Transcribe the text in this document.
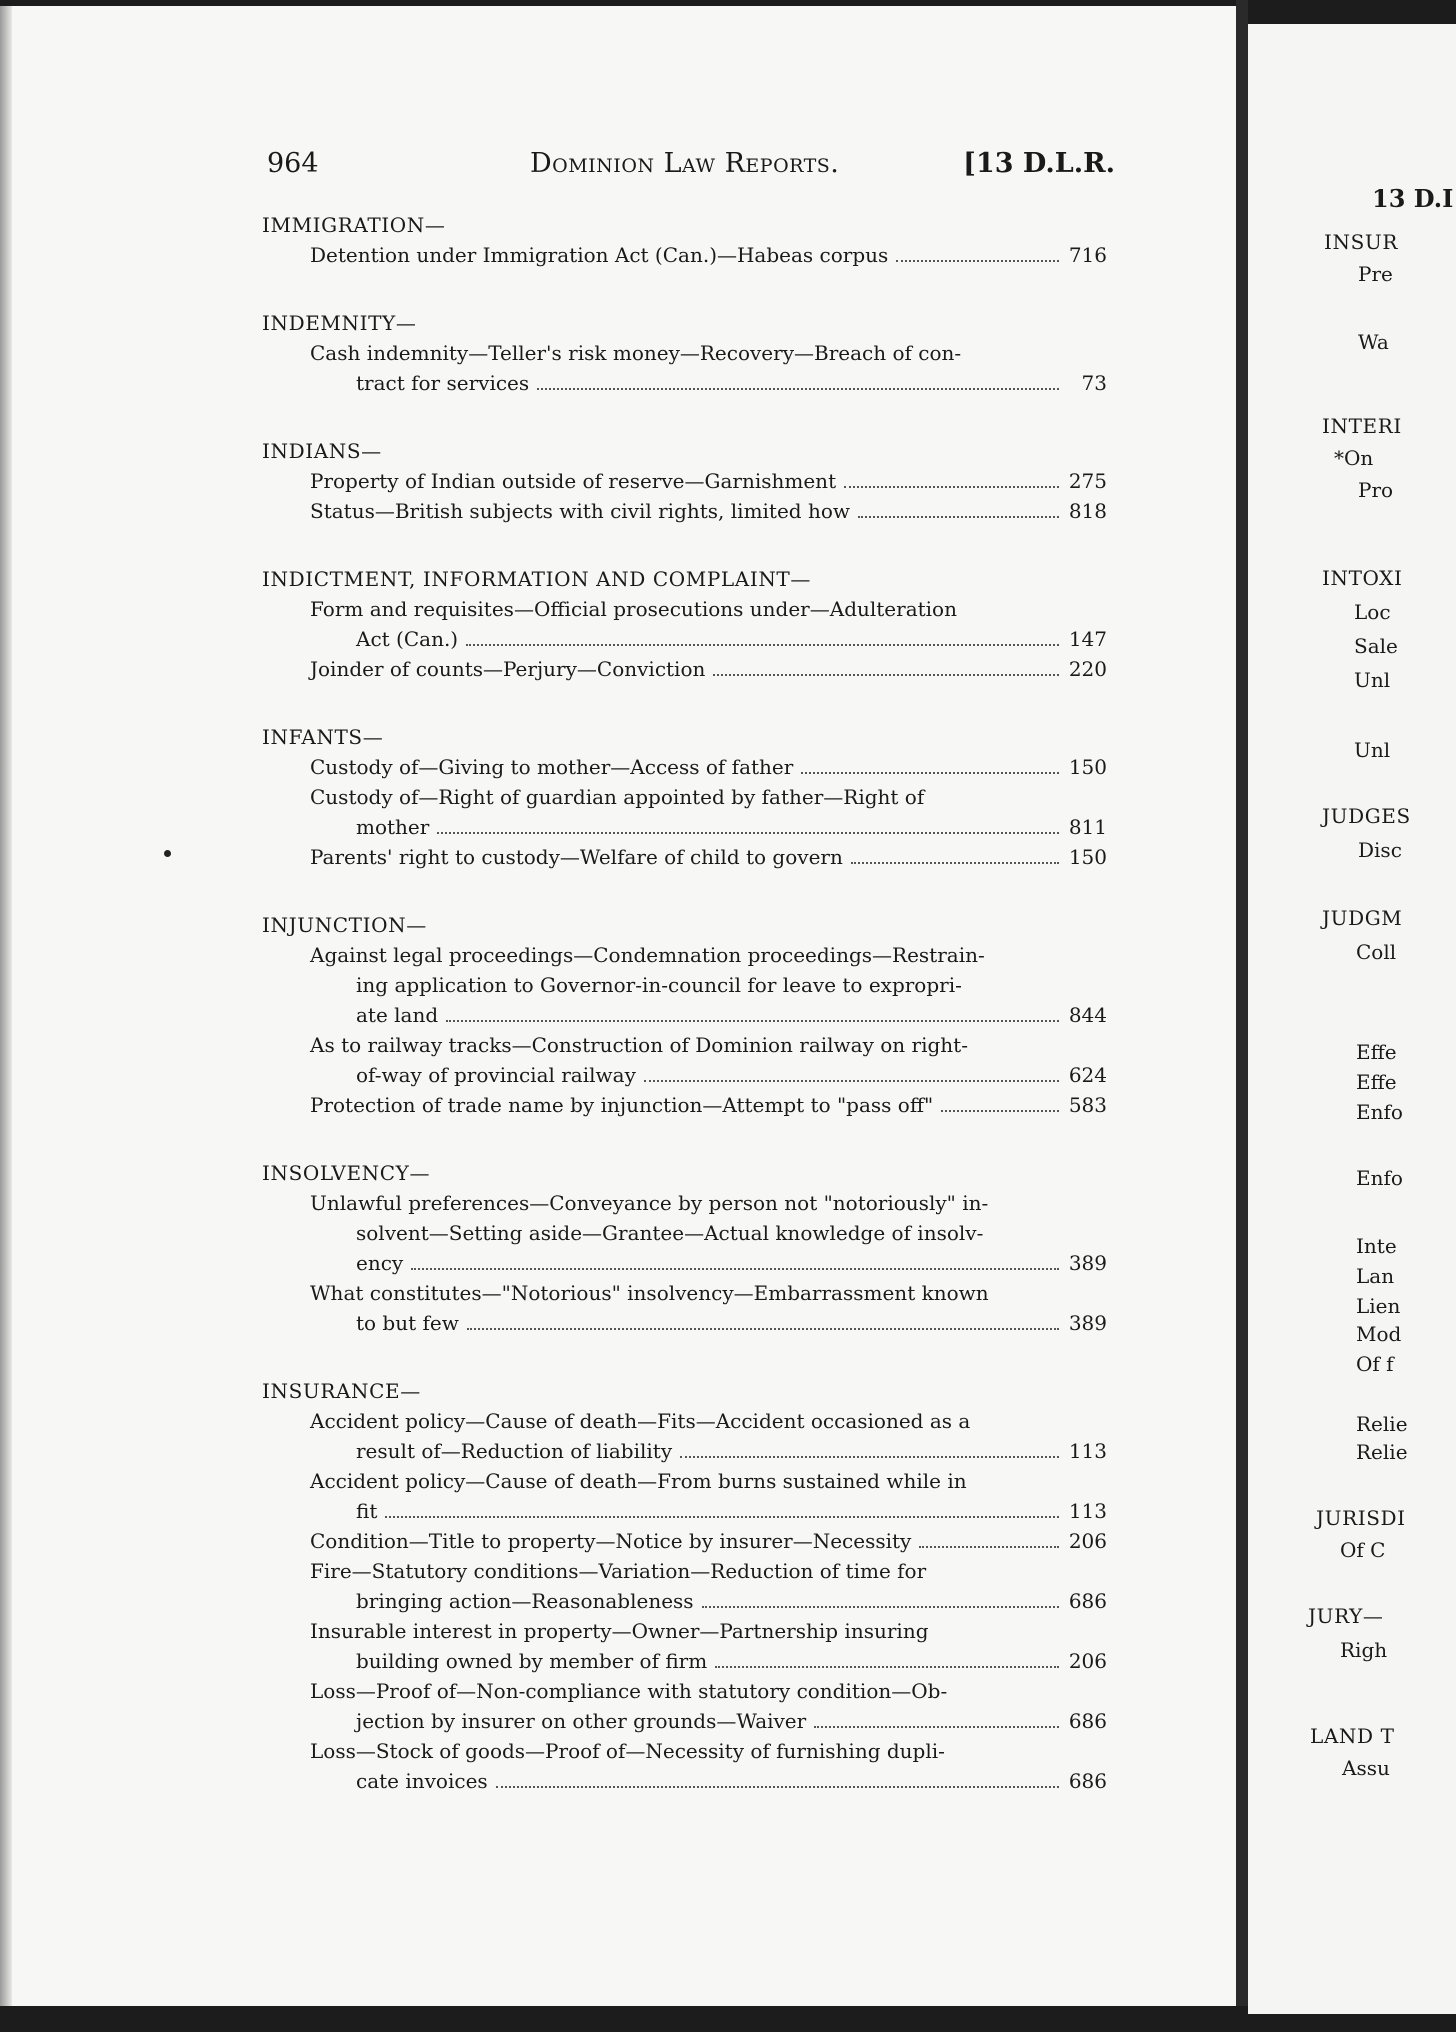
964	Dominion Law Reports.	[13 D.L.R.
IMMIGRATION—
Detention under Immigration Act (Can.)—Habeas corpus	716
INDEMNITY—
Cash indemnity—Teller's risk money—Recovery—Breach of con-
tract for services	73
INDIANS—
Property of Indian outside of reserve—Garnishment	275
Status—British subjects with civil rights, limited how	818
INDICTMENT, INFORMATION AND COMPLAINT—
Form and requisites—Official prosecutions under—Adulteration
Act (Can.)	147
Joinder of counts—Perjury—Conviction	220
INFANTS—
Custody of—Giving to mother—Access of father	150
Custody of—Right of guardian appointed by father—Right of
mother	811
Parents' right to custody—Welfare of child to govern	150
INJUNCTION—
Against legal proceedings—Condemnation proceedings—Restrain-
ing application to Governor-in-council for leave to expropri-
ate land	844
As to railway tracks—Construction of Dominion railway on right-
of-way of provincial railway	624
Protection of trade name by injunction—Attempt to "pass off"	583
INSOLVENCY—
Unlawful preferences—Conveyance by person not "notoriously" in-
solvent—Setting aside—Grantee—Actual knowledge of insolv-
ency	389
What constitutes—"Notorious" insolvency—Embarrassment known
to but few	389
INSURANCE—
Accident policy—Cause of death—Fits—Accident occasioned as a
result of—Reduction of liability	113
Accident policy—Cause of death—From burns sustained while in
fit	113
Condition—Title to property—Notice by insurer—Necessity	206
Fire—Statutory conditions—Variation—Reduction of time for
bringing action—Reasonableness	686
Insurable interest in property—Owner—Partnership insuring
building owned by member of firm	206
Loss—Proof of—Non-compliance with statutory condition—Ob-
jection by insurer on other grounds—Waiver	686
Loss—Stock of goods—Proof of—Necessity of furnishing dupli-
cate invoices	686
13 D.I
INSUR
Pre
Wa
INTERI
*On
Pro
INTOXI
Loc
Sale
Unl
Unl
JUDGES
Disc
JUDGM
Coll
Effe
Effe
Enfo
Enfo
Inte
Lan
Lien
Mod
Of f
Relie
Relie
JURISDI
Of C
JURY—
Righ
LAND T
Assu
